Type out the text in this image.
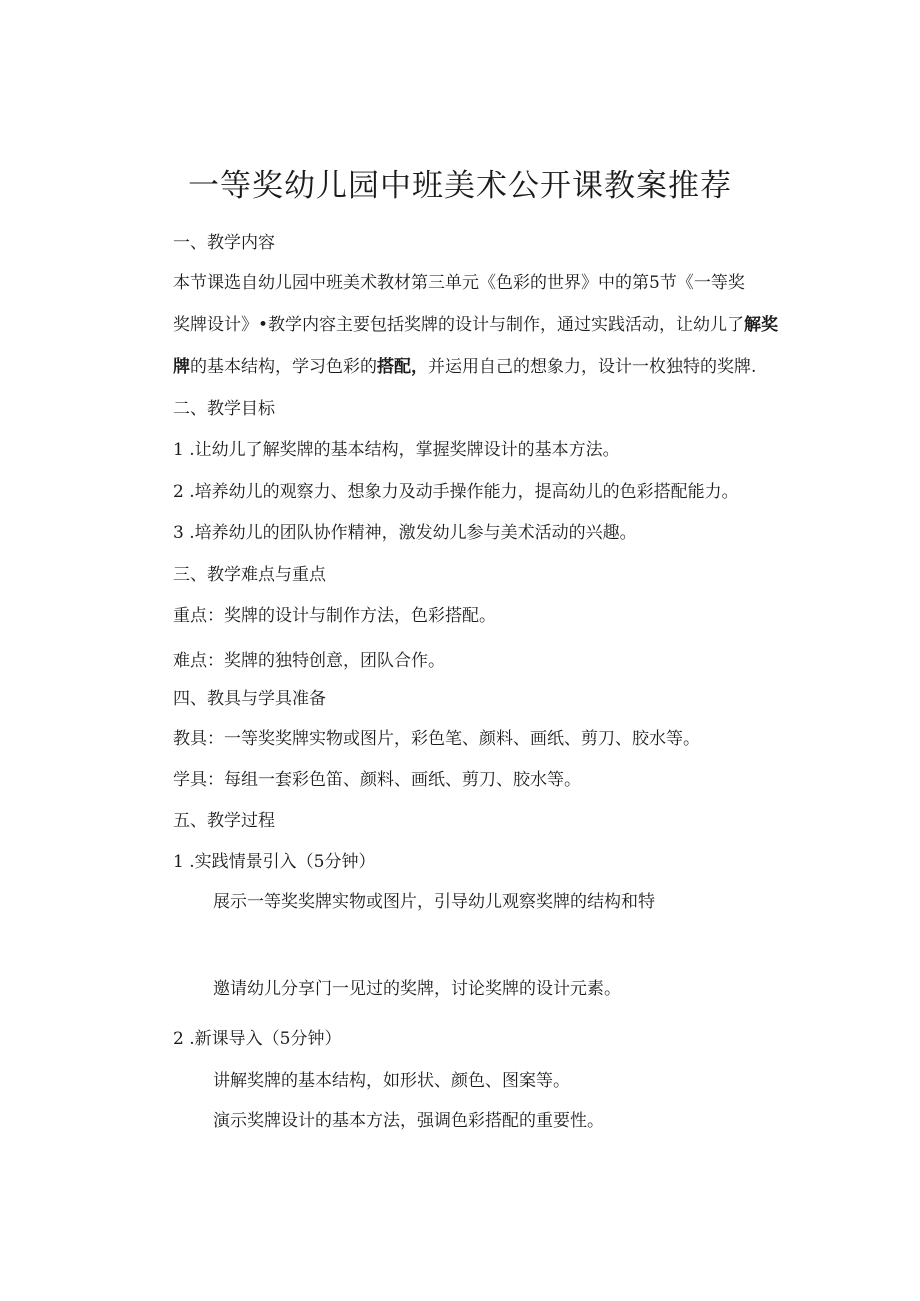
一等奖幼儿园中班美术公开课教案推荐
一、教学内容
本节课选自幼儿园中班美术教材第三单元《色彩的世界》中的第5节《一等奖
奖牌设计》•教学内容主要包括奖牌的设计与制作，通过实践活动，让幼儿了解奖
牌的基本结构，学习色彩的搭配，并运用自己的想象力，设计一枚独特的奖牌.
二、教学目标
1 .让幼儿了解奖牌的基本结构，掌握奖牌设计的基本方法。
2 .培养幼儿的观察力、想象力及动手操作能力，提高幼儿的色彩搭配能力。
3 .培养幼儿的团队协作精神，激发幼儿参与美术活动的兴趣。
三、教学难点与重点
重点：奖牌的设计与制作方法，色彩搭配。
难点：奖牌的独特创意，团队合作。
四、教具与学具准备
教具：一等奖奖牌实物或图片，彩色笔、颜料、画纸、剪刀、胶水等。
学具：每组一套彩色笛、颜料、画纸、剪刀、胶水等。
五、教学过程
1 .实践情景引入（5分钟）
展示一等奖奖牌实物或图片，引导幼儿观察奖牌的结构和特
邀请幼儿分享门一见过的奖牌，讨论奖牌的设计元素。
2 .新课导入（5分钟）
讲解奖牌的基本结构，如形状、颜色、图案等。
演示奖牌设计的基本方法，强调色彩搭配的重要性。
